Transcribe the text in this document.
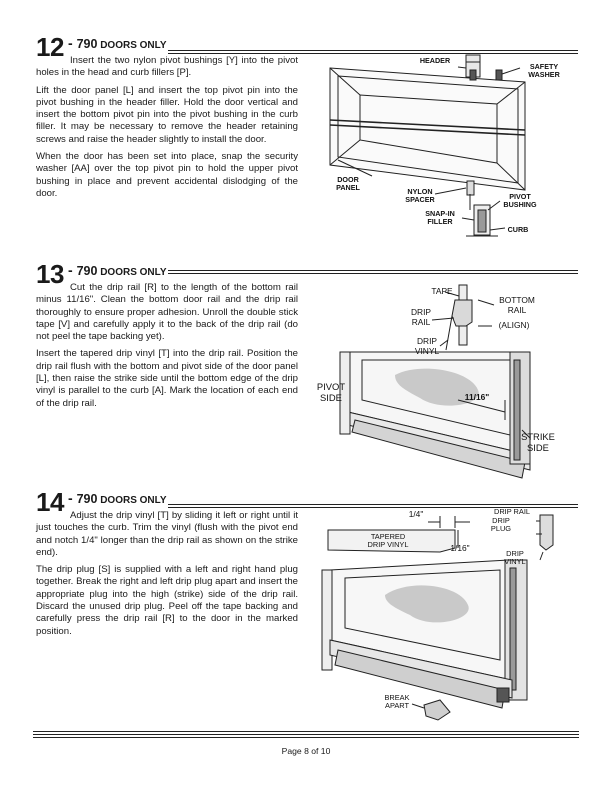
12 - 790 DOORS ONLY

Insert the two nylon pivot bushings [Y] into the pivot holes in the head and curb fillers [P].

Lift the door panel [L] and insert the top pivot pin into the pivot bushing in the header filler. Hold the door vertical and insert the bottom pivot pin into the pivot bushing in the curb filler. It may be necessary to remove the header retaining screws and raise the header slightly to install the door.

When the door has been set into place, snap the security washer [AA] over the top pivot pin to hold the upper pivot bushing in place and prevent accidental dislodging of the door.

HEADER
SAFETY
WASHER
DOOR
PANEL	NYLON
SPACER	PIVOT
BUSHING
SNAP-IN
FILLER
CURB
13 - 790 DOORS ONLY

Cut the drip rail [R] to the length of the bottom rail minus 11/16". Clean the bottom door rail and the drip rail thoroughly to ensure proper adhesion. Unroll the double stick tape [V] and carefully apply it to the back of the drip rail (do not peel the tape backing yet).

Insert the tapered drip vinyl [T] into the drip rail. Position the drip rail flush with the bottom and pivot side of the door panel [L], then raise the strike side until the bottom edge of the drip vinyl is parallel to the curb [A]. Mark the location of each end of the drip rail.

TAPE
BOTTOM
RAIL
DRIP
RAIL	(ALIGN)
DRIP
VINYL
PIVOT
SIDE	11/16"
STRIKE
SIDE
14 - 790 DOORS ONLY

Adjust the drip vinyl [T] by sliding it left or right until it just touches the curb. Trim the vinyl (flush with the pivot end and notch 1/4" longer than the drip rail as shown on the strike end).

The drip plug [S] is supplied with a left and right hand plug together. Break the right and left drip plug apart and insert the appropriate plug into the high (strike) side of the drip rail. Discard the unused drip plug. Peel off the tape backing and carefully press the drip rail [R] to the door in the marked position.

1/4"
1/16"
TAPERED
DRIP VINYL
DRIP RAIL
DRIP
PLUG
DRIP
VINYL
BREAK
APART
Page 8 of 10
